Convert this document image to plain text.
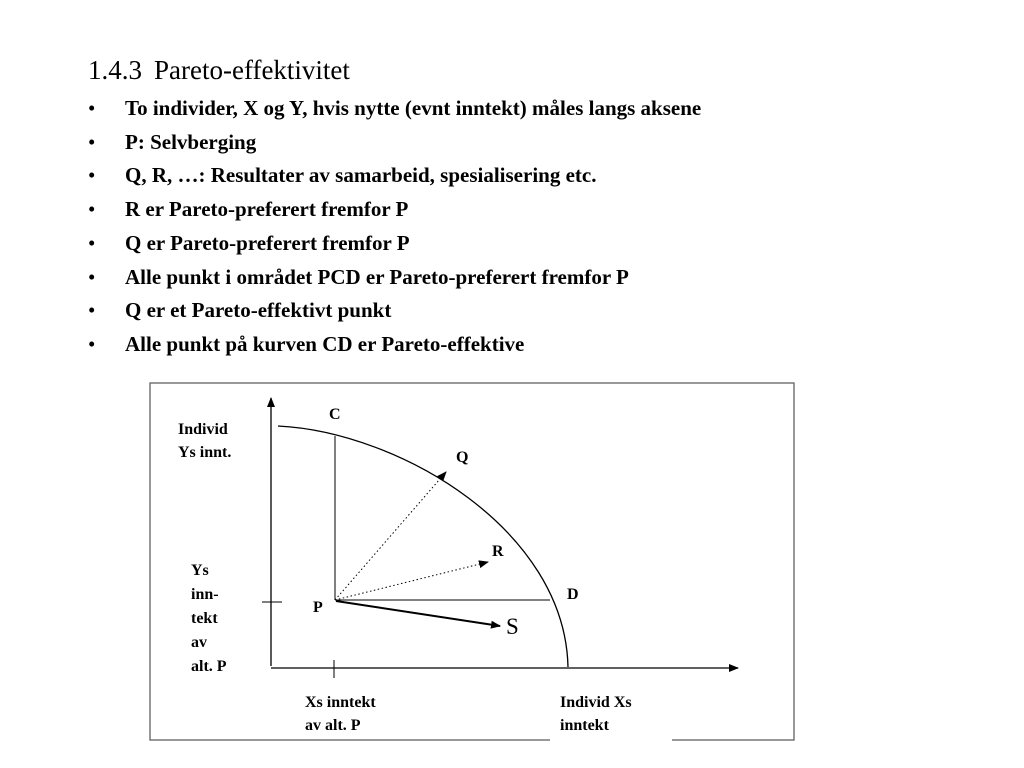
1.4.3 Pareto-effektivitet
• To individer, X og Y, hvis nytte (evnt inntekt) måles langs aksene
• P: Selvberging
• Q, R, …: Resultater av samarbeid, spesialisering etc.
• R er Pareto-preferert fremfor P
• Q er Pareto-preferert fremfor P
• Alle punkt i området PCD er Pareto-preferert fremfor P
• Q er et Pareto-effektivt punkt
• Alle punkt på kurven CD er Pareto-effektive
C
Q
R
D
P
S
Individ Ys innt.
Ys inn- tekt av alt. P
Xs inntekt av alt. P
Individ Xs inntekt
